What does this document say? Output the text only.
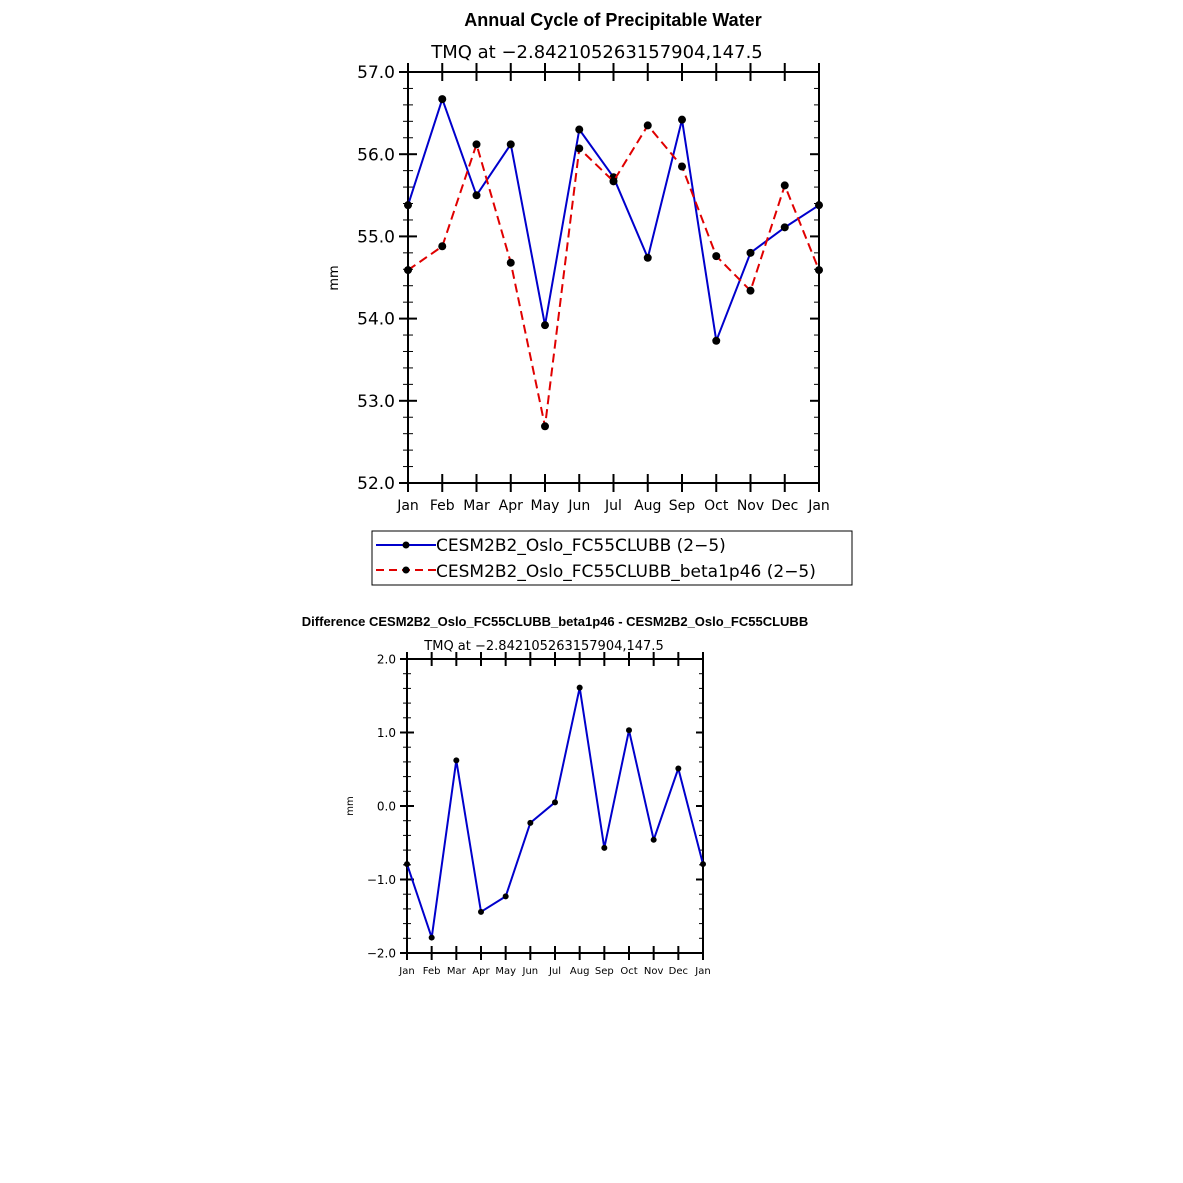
Annual Cycle of Precipitable Water
TMQ at −2.842105263157904,147.5
mm
52.0
53.0
54.0
55.0
56.0
57.0
Jan Feb Mar Apr May Jun Jul Aug Sep Oct Nov Dec Jan
CESM2B2_Oslo_FC55CLUBB (2−5)
CESM2B2_Oslo_FC55CLUBB_beta1p46 (2−5)
Difference CESM2B2_Oslo_FC55CLUBB_beta1p46 - CESM2B2_Oslo_FC55CLUBB
TMQ at −2.842105263157904,147.5
mm
−2.0
−1.0
0.0
1.0
2.0
Jan Feb Mar Apr May Jun Jul Aug Sep Oct Nov Dec Jan
